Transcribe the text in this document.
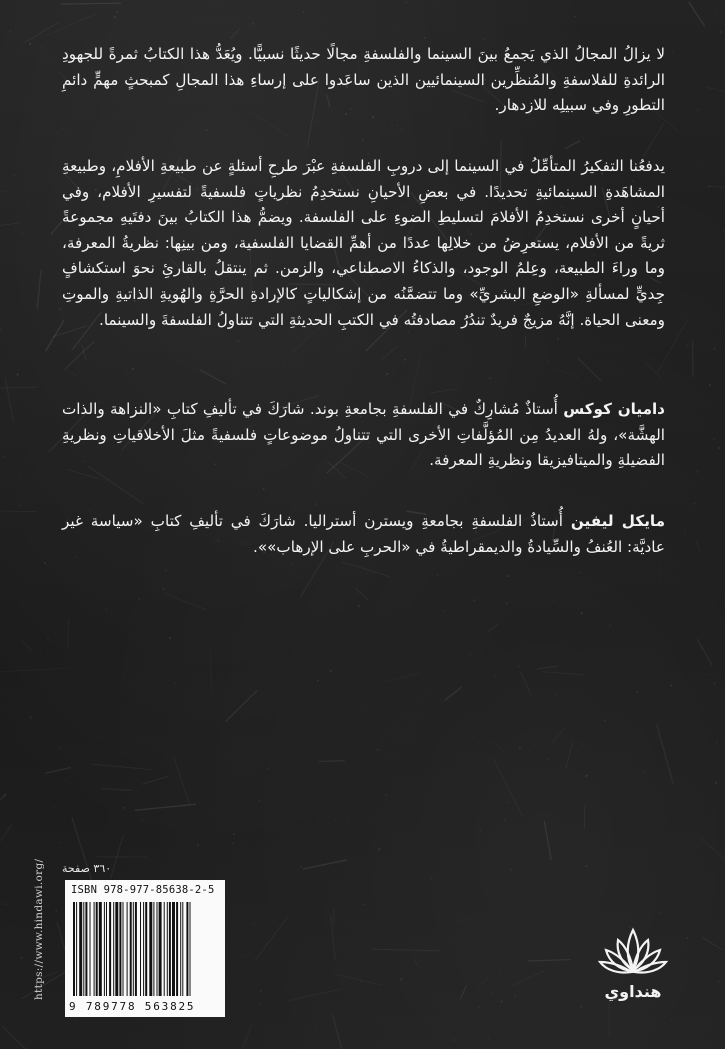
لا يزالُ المجالُ الذي يَجمعُ بينَ السينما والفلسفةِ مجالًا حديثًا نسبيًّا. ويُعَدُّ هذا الكتابُ ثمرةً للجهودِ الرائدةِ للفلاسفةِ والمُنظِّرين السينمائيين الذين ساعَدوا على إرساءِ هذا المجالِ كمبحثٍ مهمٍّ دائمِ التطورِ وفي سبيلِه للازدهار.

يدفعُنا التفكيرُ المتأمِّلُ في السينما إلى دروبِ الفلسفةِ عبْرَ طرحِ أسئلةٍ عن طبيعةِ الأفلامِ، وطبيعةِ المشاهَدةِ السينمائيةِ تحديدًا. في بعضِ الأحيانِ نستخدِمُ نظرياتٍ فلسفيةً لتفسيرِ الأفلام، وفي أحيانٍ أخرى نستخدِمُ الأفلامَ لتسليطِ الضوءِ على الفلسفة. ويضمُّ هذا الكتابُ بينَ دفتَيهِ مجموعةً ثريةً من الأفلام، يستعرِضُ من خلالِها عددًا من أهمِّ القضايا الفلسفية، ومن بينِها: نظريةُ المعرفة، وما وراءَ الطبيعة، وعِلمُ الوجود، والذكاءُ الاصطناعي، والزمن. ثم ينتقلُ بالقارئِ نحوَ استكشافٍ جِديٍّ لمسألةِ «الوضعِ البشريِّ» وما تتضمَّنُه من إشكالياتٍ كالإرادةِ الحرَّةِ والهُويةِ الذاتيةِ والموتِ ومعنى الحياة. إنَّهُ مزيجٌ فريدٌ تندُرُ مصادفتُه في الكتبِ الحديثةِ التي تتناولُ الفلسفةَ والسينما.

داميان كوكس أُستاذٌ مُشارِكٌ في الفلسفةِ بجامعةِ بوند. شارَكَ في تأليفِ كتابِ «النزاهة والذات الهشَّة»، ولهُ العديدُ مِن المُؤلَّفاتِ الأخرى التي تتناولُ موضوعاتٍ فلسفيةً مثلَ الأخلاقياتِ ونظريةِ الفضيلةِ والميتافيزيقا ونظريةِ المعرفة.

مايكل ليفين أُستاذُ الفلسفةِ بجامعةِ ويسترن أستراليا. شارَكَ في تأليفِ كتابِ «سياسة غير عاديَّة: العُنفُ والسِّيادةُ والديمقراطيةُ في «الحربِ على الإرهاب»».

https://www.hindawi.org/ ٣٦٠ صفحة
ISBN 978-977-85638-2-5
9 789778 563825
هنداوي
